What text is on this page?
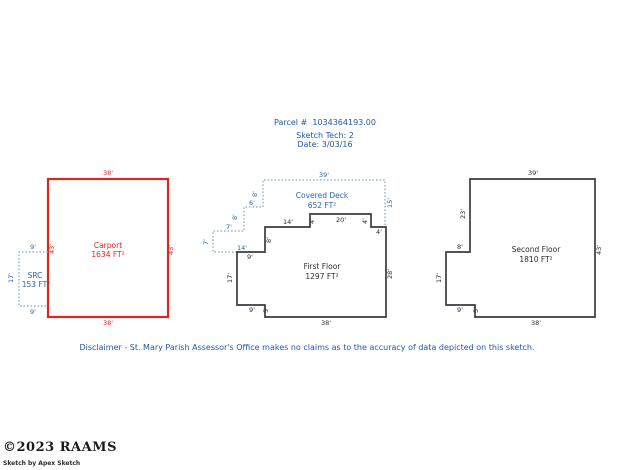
Parcel #  1034364193.00
Sketch Tech: 2
Date: 3/03/16
38'
38'
43'	43'
Carport
1634 FT²
9'
17'
9'
SRC
153 FT²
39'
15'
8'
6'
8'
7'
7'
14'
Covered Deck
652 FT²
9'
8'
14' 4'	20' 4'
4'
28'
38'
5'
9'
17'
First Floor
1297 FT²
39'
43'
38'
23'
8'
17'
9' 5'
Second Floor
1810 FT²
Disclaimer - St. Mary Parish Assessor's Office makes no claims as to the accuracy of data depicted on this sketch.
©2023 RAAMS
Sketch by Apex Sketch
